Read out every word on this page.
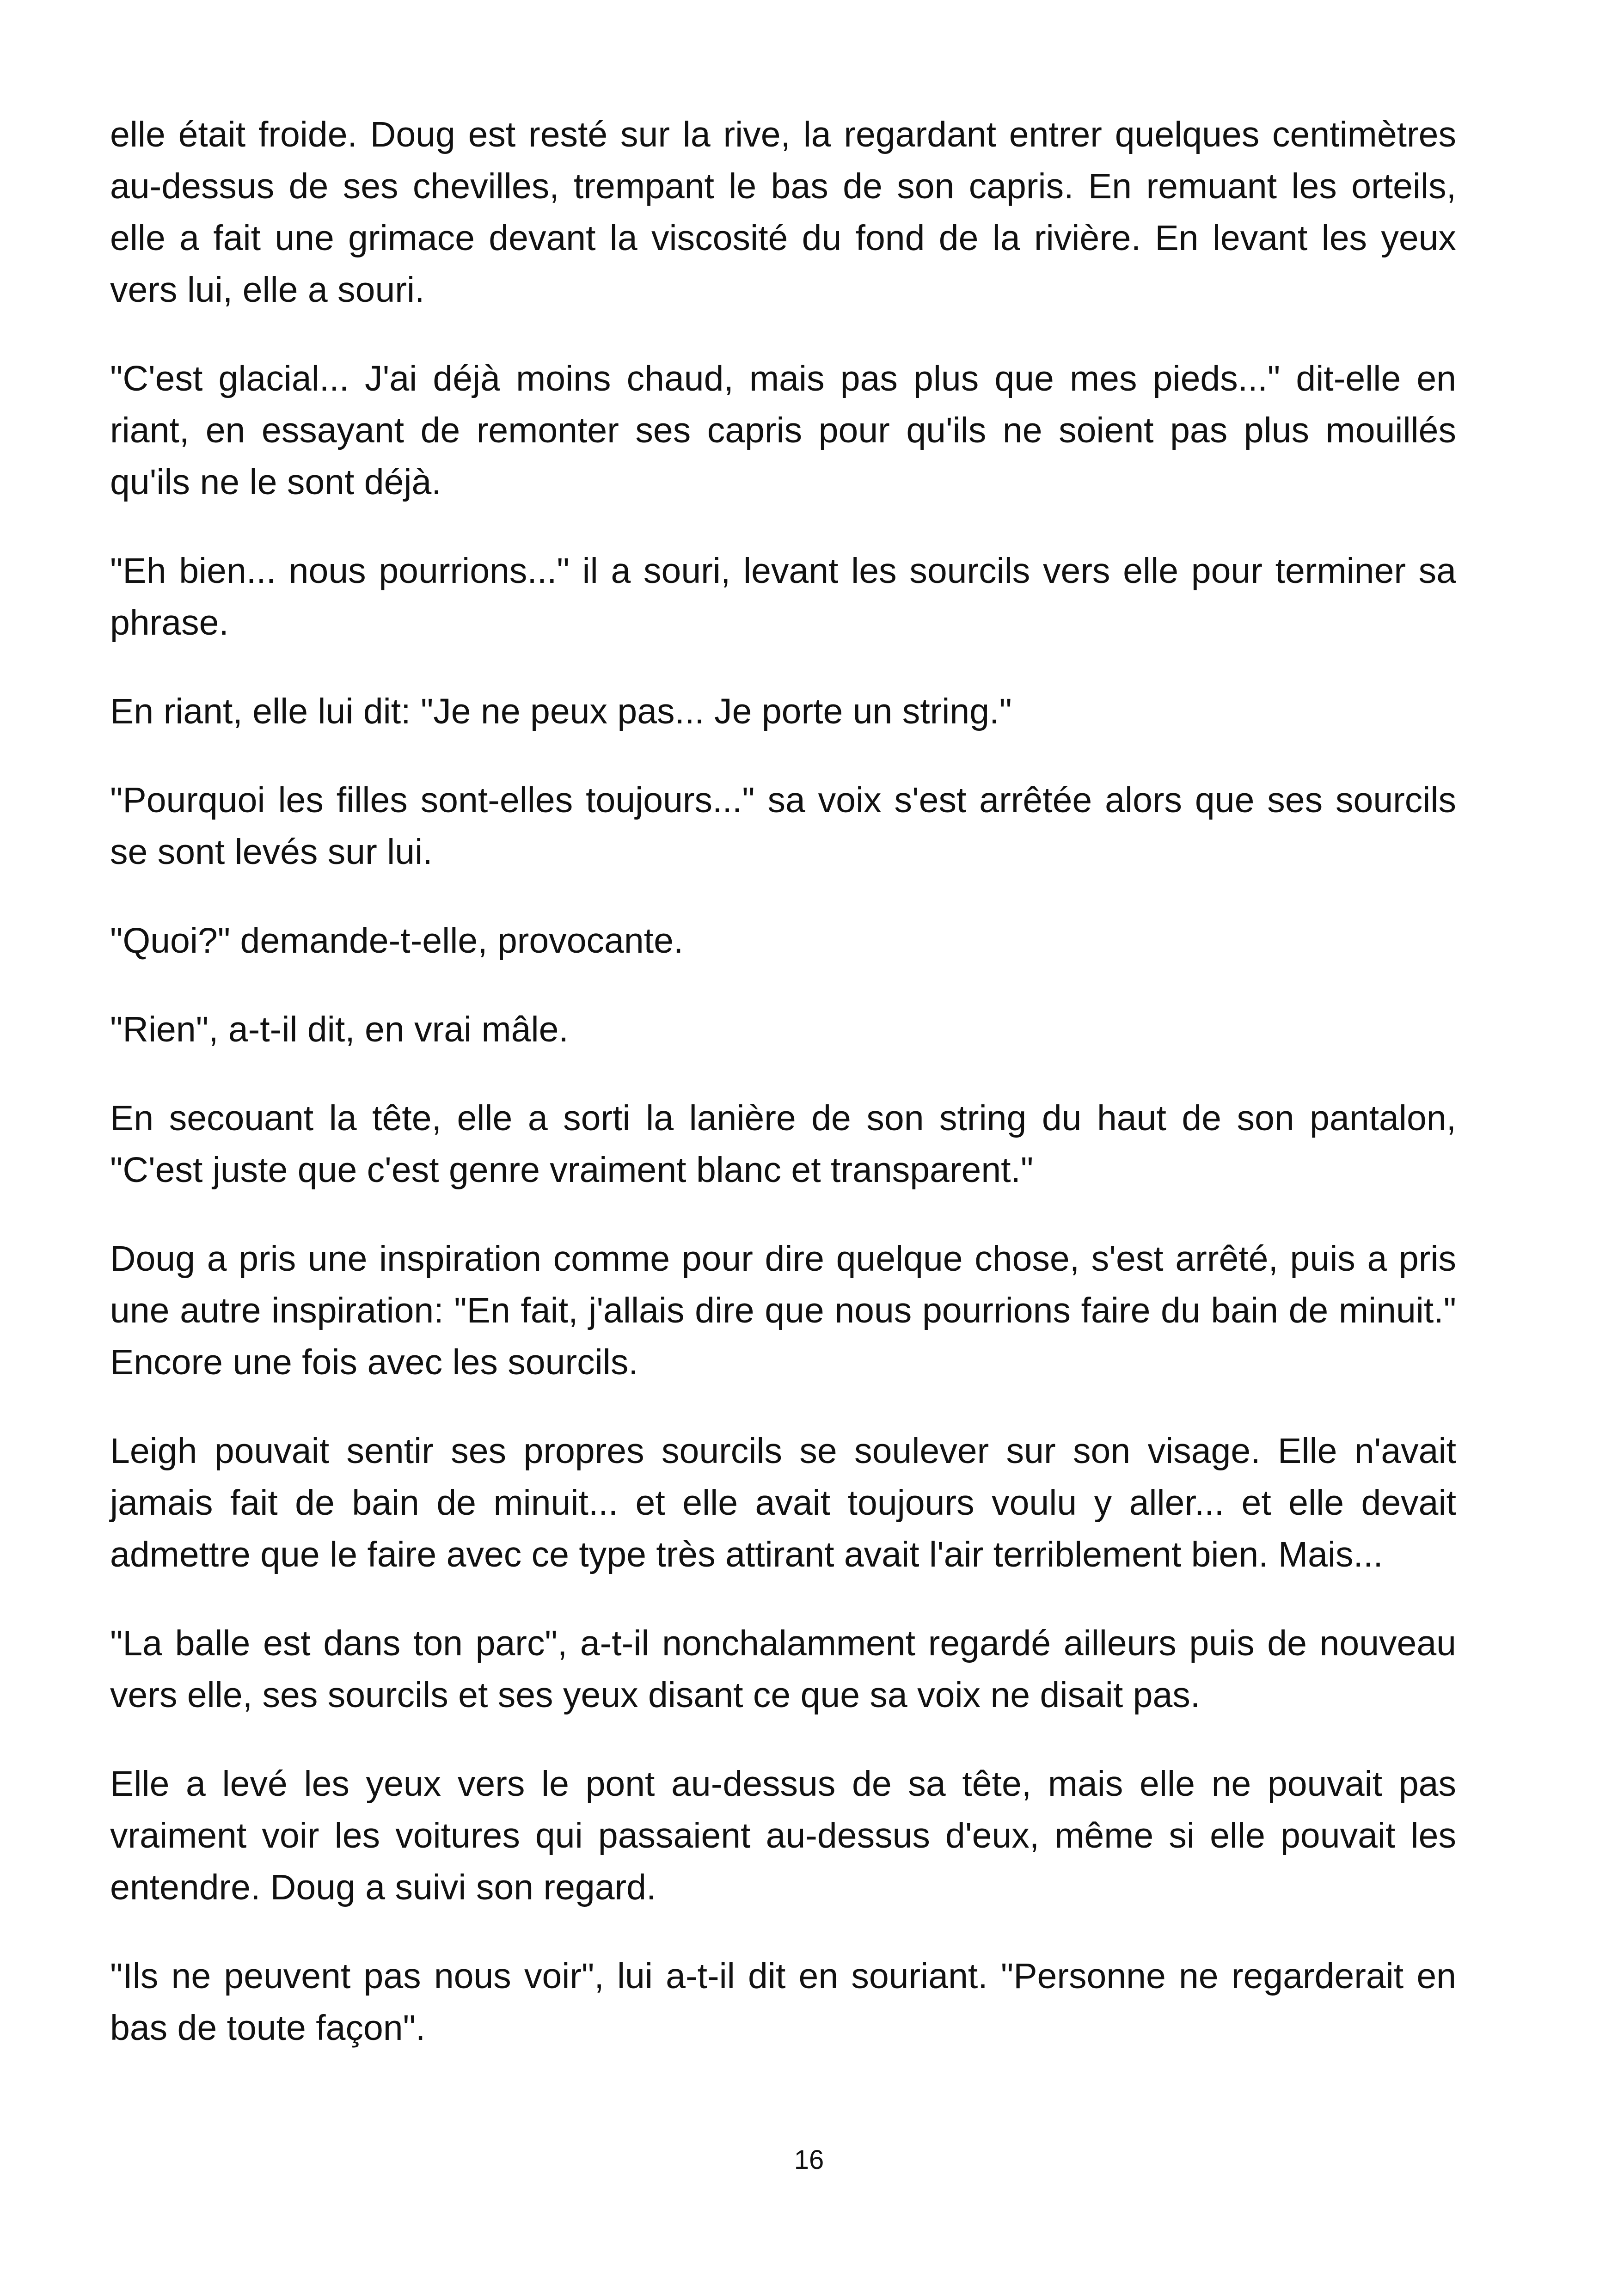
elle était froide. Doug est resté sur la rive, la regardant entrer quelques centimètres au-dessus de ses chevilles, trempant le bas de son capris. En remuant les orteils, elle a fait une grimace devant la viscosité du fond de la rivière. En levant les yeux vers lui, elle a souri.

"C'est glacial... J'ai déjà moins chaud, mais pas plus que mes pieds..." dit-elle en riant, en essayant de remonter ses capris pour qu'ils ne soient pas plus mouillés qu'ils ne le sont déjà.

"Eh bien... nous pourrions..." il a souri, levant les sourcils vers elle pour terminer sa phrase.

En riant, elle lui dit: "Je ne peux pas... Je porte un string."

"Pourquoi les filles sont-elles toujours..." sa voix s'est arrêtée alors que ses sourcils se sont levés sur lui.

"Quoi?" demande-t-elle, provocante.

"Rien", a-t-il dit, en vrai mâle.

En secouant la tête, elle a sorti la lanière de son string du haut de son pantalon, "C'est juste que c'est genre vraiment blanc et transparent."

Doug a pris une inspiration comme pour dire quelque chose, s'est arrêté, puis a pris une autre inspiration: "En fait, j'allais dire que nous pourrions faire du bain de minuit." Encore une fois avec les sourcils.

Leigh pouvait sentir ses propres sourcils se soulever sur son visage. Elle n'avait jamais fait de bain de minuit... et elle avait toujours voulu y aller... et elle devait admettre que le faire avec ce type très attirant avait l'air terriblement bien. Mais...

"La balle est dans ton parc", a-t-il nonchalamment regardé ailleurs puis de nouveau vers elle, ses sourcils et ses yeux disant ce que sa voix ne disait pas.

Elle a levé les yeux vers le pont au-dessus de sa tête, mais elle ne pouvait pas vraiment voir les voitures qui passaient au-dessus d'eux, même si elle pouvait les entendre. Doug a suivi son regard.

"Ils ne peuvent pas nous voir", lui a-t-il dit en souriant. "Personne ne regarderait en bas de toute façon".

16
